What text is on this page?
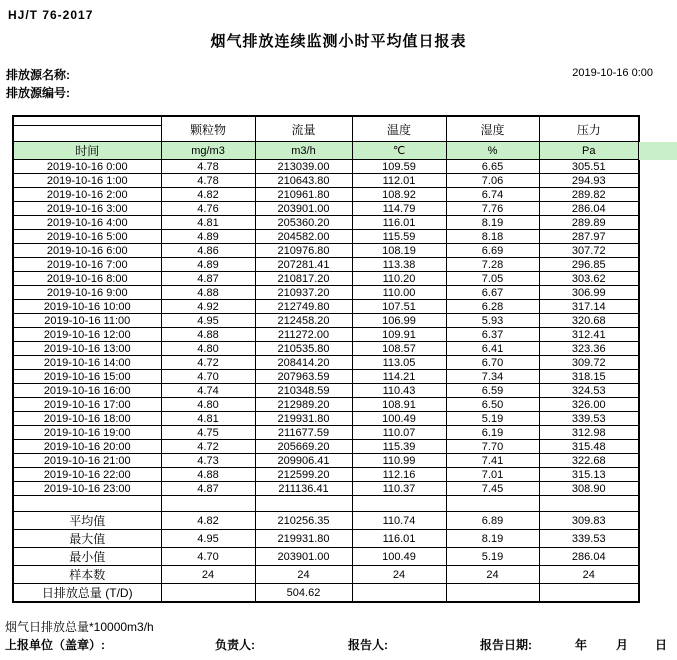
HJ/T 76-2017
烟气排放连续监测小时平均值日报表
排放源名称:
排放源编号:
2019-10-16 0:00
	颗粒物	流量	温度	湿度	压力

时间	mg/m3	m3/h	℃	%	Pa
2019-10-16 0:00	4.78	213039.00	109.59	6.65	305.51
2019-10-16 1:00	4.78	210643.80	112.01	7.06	294.93
2019-10-16 2:00	4.82	210961.80	108.92	6.74	289.82
2019-10-16 3:00	4.76	203901.00	114.79	7.76	286.04
2019-10-16 4:00	4.81	205360.20	116.01	8.19	289.89
2019-10-16 5:00	4.89	204582.00	115.59	8.18	287.97
2019-10-16 6:00	4.86	210976.80	108.19	6.69	307.72
2019-10-16 7:00	4.89	207281.41	113.38	7.28	296.85
2019-10-16 8:00	4.87	210817.20	110.20	7.05	303.62
2019-10-16 9:00	4.88	210937.20	110.00	6.67	306.99
2019-10-16 10:00	4.92	212749.80	107.51	6.28	317.14
2019-10-16 11:00	4.95	212458.20	106.99	5.93	320.68
2019-10-16 12:00	4.88	211272.00	109.91	6.37	312.41
2019-10-16 13:00	4.80	210535.80	108.57	6.41	323.36
2019-10-16 14:00	4.72	208414.20	113.05	6.70	309.72
2019-10-16 15:00	4.70	207963.59	114.21	7.34	318.15
2019-10-16 16:00	4.74	210348.59	110.43	6.59	324.53
2019-10-16 17:00	4.80	212989.20	108.91	6.50	326.00
2019-10-16 18:00	4.81	219931.80	100.49	5.19	339.53
2019-10-16 19:00	4.75	211677.59	110.07	6.19	312.98
2019-10-16 20:00	4.72	205669.20	115.39	7.70	315.48
2019-10-16 21:00	4.73	209906.41	110.99	7.41	322.68
2019-10-16 22:00	4.88	212599.20	112.16	7.01	315.13
2019-10-16 23:00	4.87	211136.41	110.37	7.45	308.90

平均值	4.82	210256.35	110.74	6.89	309.83
最大值	4.95	219931.80	116.01	8.19	339.53
最小值	4.70	203901.00	100.49	5.19	286.04
样本数	24	24	24	24	24
日排放总量 (T/D)		504.62			
烟气日排放总量*10000m3/h
上报单位（盖章）:	负责人:	报告人:	报告日期:	年 月 日
